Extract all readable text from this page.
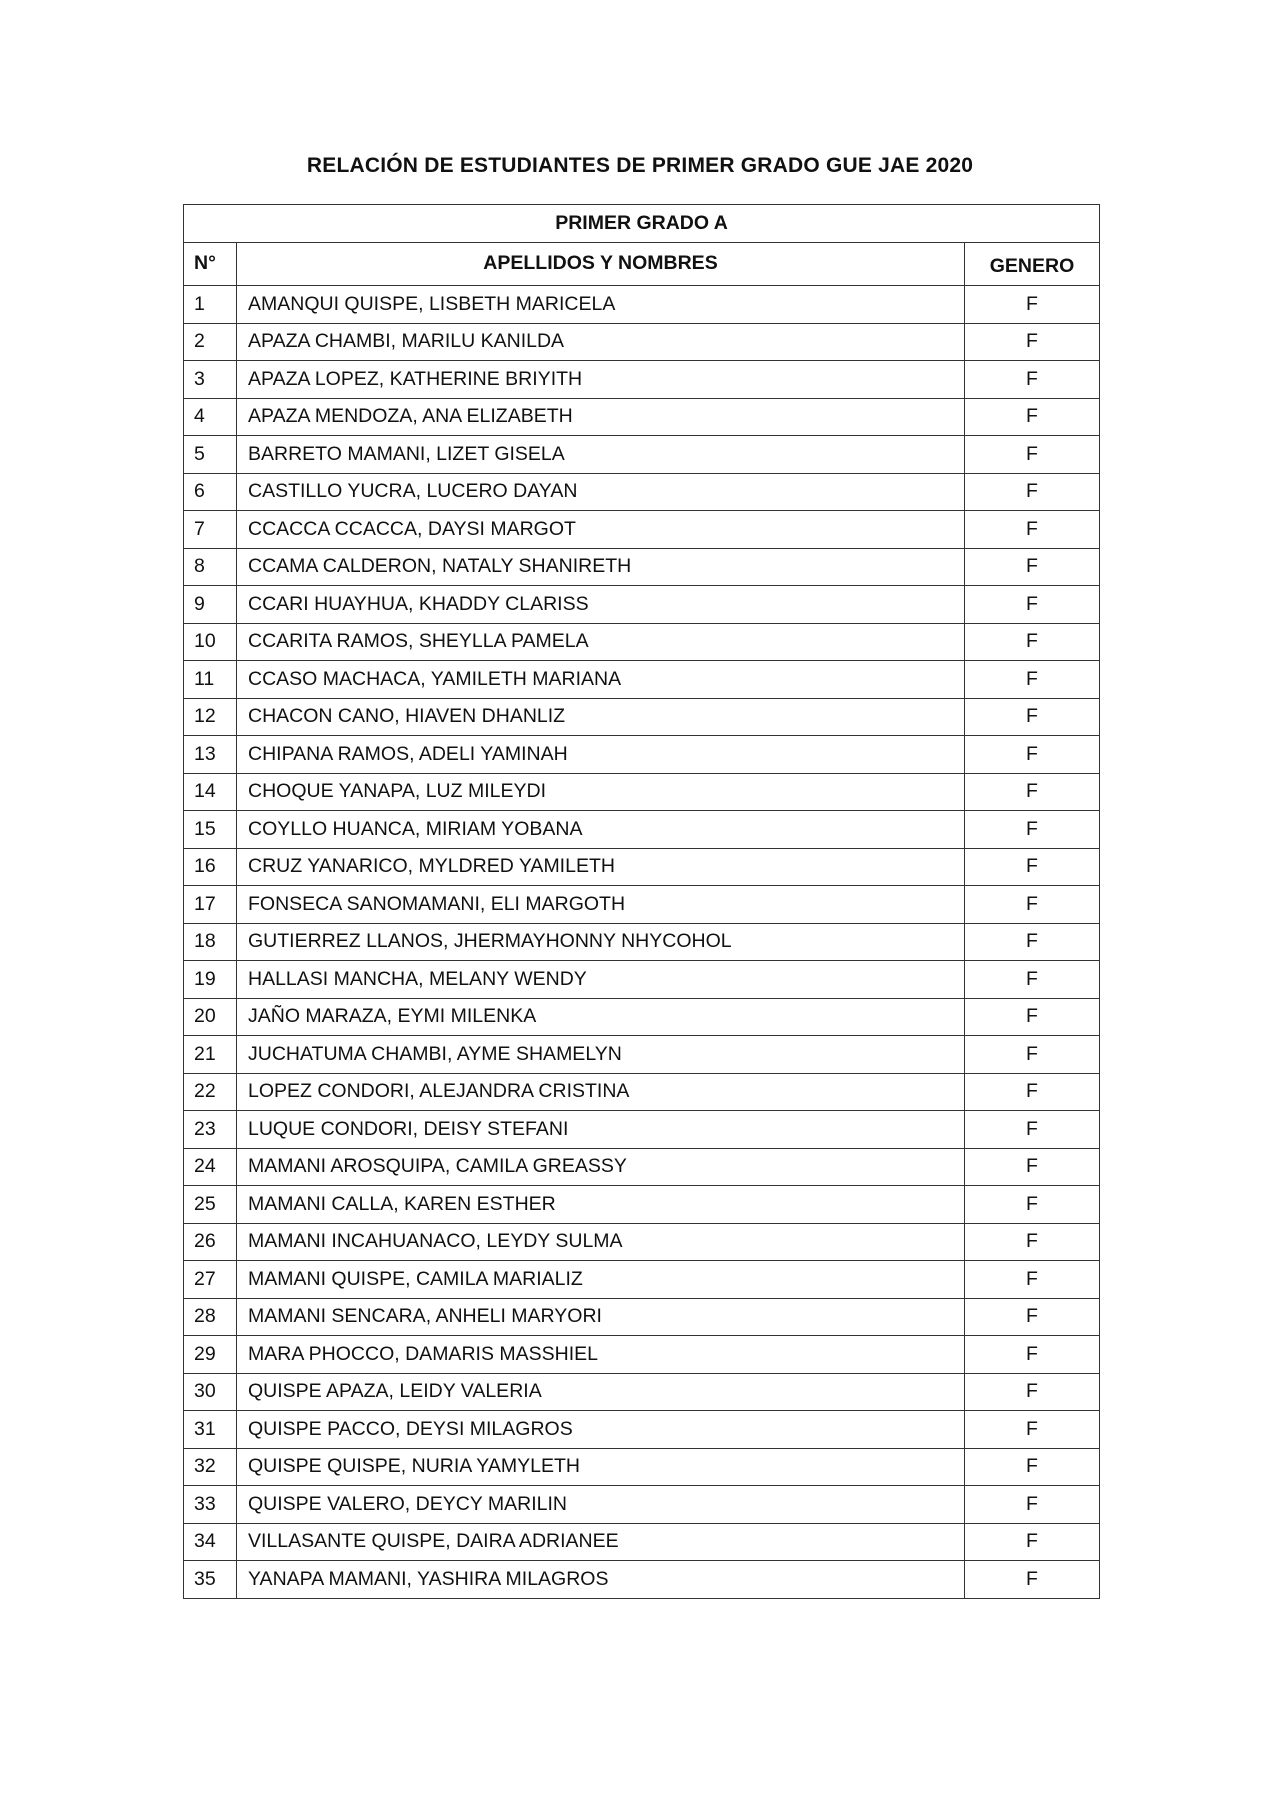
RELACIÓN DE ESTUDIANTES DE PRIMER GRADO GUE JAE 2020
PRIMER GRADO A		
N°	APELLIDOS Y NOMBRES	GENERO
1	AMANQUI QUISPE, LISBETH MARICELA	F
2	APAZA CHAMBI, MARILU KANILDA	F
3	APAZA LOPEZ, KATHERINE BRIYITH	F
4	APAZA MENDOZA, ANA ELIZABETH	F
5	BARRETO MAMANI, LIZET GISELA	F
6	CASTILLO YUCRA, LUCERO DAYAN	F
7	CCACCA CCACCA, DAYSI MARGOT	F
8	CCAMA CALDERON, NATALY SHANIRETH	F
9	CCARI HUAYHUA, KHADDY CLARISS	F
10	CCARITA RAMOS, SHEYLLA PAMELA	F
11	CCASO MACHACA, YAMILETH MARIANA	F
12	CHACON CANO, HIAVEN DHANLIZ	F
13	CHIPANA RAMOS, ADELI YAMINAH	F
14	CHOQUE YANAPA, LUZ MILEYDI	F
15	COYLLO HUANCA, MIRIAM YOBANA	F
16	CRUZ YANARICO, MYLDRED YAMILETH	F
17	FONSECA SANOMAMANI, ELI MARGOTH	F
18	GUTIERREZ LLANOS, JHERMAYHONNY NHYCOHOL	F
19	HALLASI MANCHA, MELANY WENDY	F
20	JAÑO MARAZA, EYMI MILENKA	F
21	JUCHATUMA CHAMBI, AYME SHAMELYN	F
22	LOPEZ CONDORI, ALEJANDRA CRISTINA	F
23	LUQUE CONDORI, DEISY STEFANI	F
24	MAMANI AROSQUIPA, CAMILA GREASSY	F
25	MAMANI CALLA, KAREN ESTHER	F
26	MAMANI INCAHUANACO, LEYDY SULMA	F
27	MAMANI QUISPE, CAMILA MARIALIZ	F
28	MAMANI SENCARA, ANHELI MARYORI	F
29	MARA PHOCCO, DAMARIS MASSHIEL	F
30	QUISPE APAZA, LEIDY VALERIA	F
31	QUISPE PACCO, DEYSI MILAGROS	F
32	QUISPE QUISPE, NURIA YAMYLETH	F
33	QUISPE VALERO, DEYCY MARILIN	F
34	VILLASANTE QUISPE, DAIRA ADRIANEE	F
35	YANAPA MAMANI, YASHIRA MILAGROS	F
